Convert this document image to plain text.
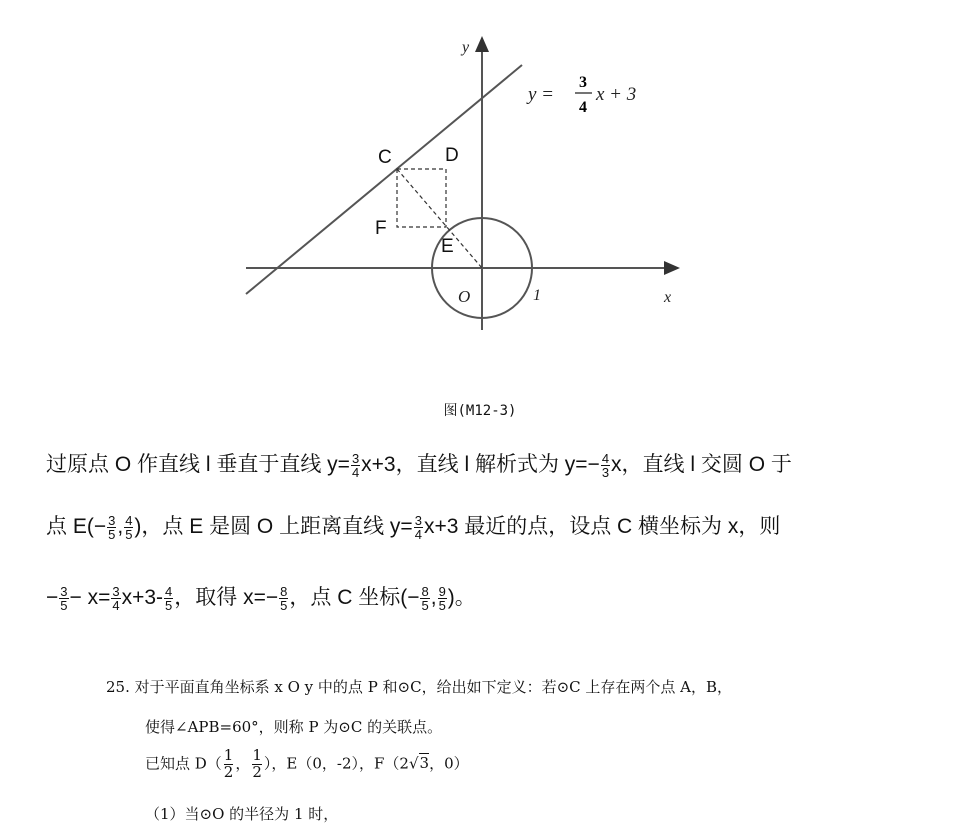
y
x
O	1
C	D
F
E
y =
3
4
x + 3
图(M12-3)
过原点 O 作直线 l 垂直于直线 $y= \frac{3}{4} x+3$，直线 l 解析式为 $y=- \frac{4}{3}$ x，直线 l 交圆 O 于
点 $E(- \frac{3}{5}$ , $\frac{4}{5}$ )，点 E 是圆 O 上距离直线 $y= \frac{3}{4} x+3$ 最近的点，设点 C 横坐标为 x，则
− $\frac{3}{5} - x= \frac{3}{4} x+3- \frac{4}{5}$ ，取得 $x=- \frac{8}{5}$ ，点 C 坐标(− $\frac{8}{5}$ , $\frac{9}{5}$ )。
25. 对于平面直角坐标系 x O y 中的点 P 和⊙C，给出如下定义：若⊙C 上存在两个点 A，B，
使得∠APB=60°，则称 P 为⊙C 的关联点。
已知点 $D( \frac{1}{2}$ ， $\frac{1}{2}$ ），E（0，-2），F（2√3，0）
（1）当⊙O 的半径为 1 时，
